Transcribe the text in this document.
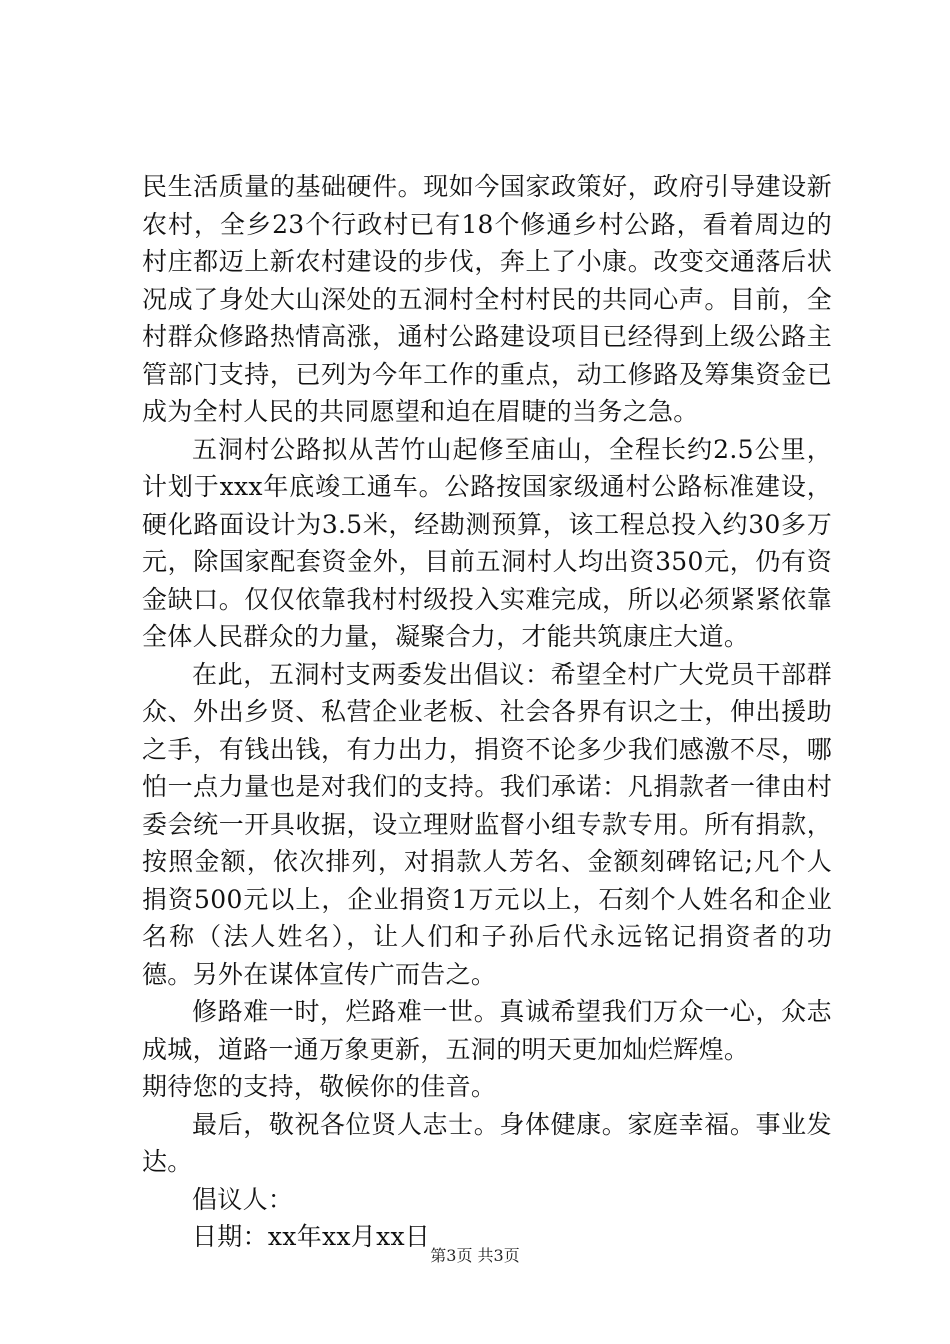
民生活质量的基础硬件。现如今国家政策好，政府引导建设新农村，全乡23个行政村已有18个修通乡村公路，看着周边的村庄都迈上新农村建设的步伐，奔上了小康。改变交通落后状况成了身处大山深处的五洞村全村村民的共同心声。目前，全村群众修路热情高涨，通村公路建设项目已经得到上级公路主管部门支持，已列为今年工作的重点，动工修路及筹集资金已成为全村人民的共同愿望和迫在眉睫的当务之急。

五洞村公路拟从苦竹山起修至庙山，全程长约2.5公里，计划于xxx年底竣工通车。公路按国家级通村公路标准建设，硬化路面设计为3.5米，经勘测预算，该工程总投入约30多万元，除国家配套资金外，目前五洞村人均出资350元，仍有资金缺口。仅仅依靠我村村级投入实难完成，所以必须紧紧依靠全体人民群众的力量，凝聚合力，才能共筑康庄大道。

在此，五洞村支两委发出倡议：希望全村广大党员干部群众、外出乡贤、私营企业老板、社会各界有识之士，伸出援助之手，有钱出钱，有力出力，捐资不论多少我们感激不尽，哪怕一点力量也是对我们的支持。我们承诺：凡捐款者一律由村委会统一开具收据，设立理财监督小组专款专用。所有捐款，按照金额，依次排列，对捐款人芳名、金额刻碑铭记;凡个人捐资500元以上，企业捐资1万元以上，石刻个人姓名和企业名称（法人姓名），让人们和子孙后代永远铭记捐资者的功德。另外在谋体宣传广而告之。

修路难一时，烂路难一世。真诚希望我们万众一心，众志成城，道路一通万象更新，五洞的明天更加灿烂辉煌。

期待您的支持，敬候你的佳音。

最后，敬祝各位贤人志士。身体健康。家庭幸福。事业发达。

倡议人：

日期：xx年xx月xx日

第3页 共3页
